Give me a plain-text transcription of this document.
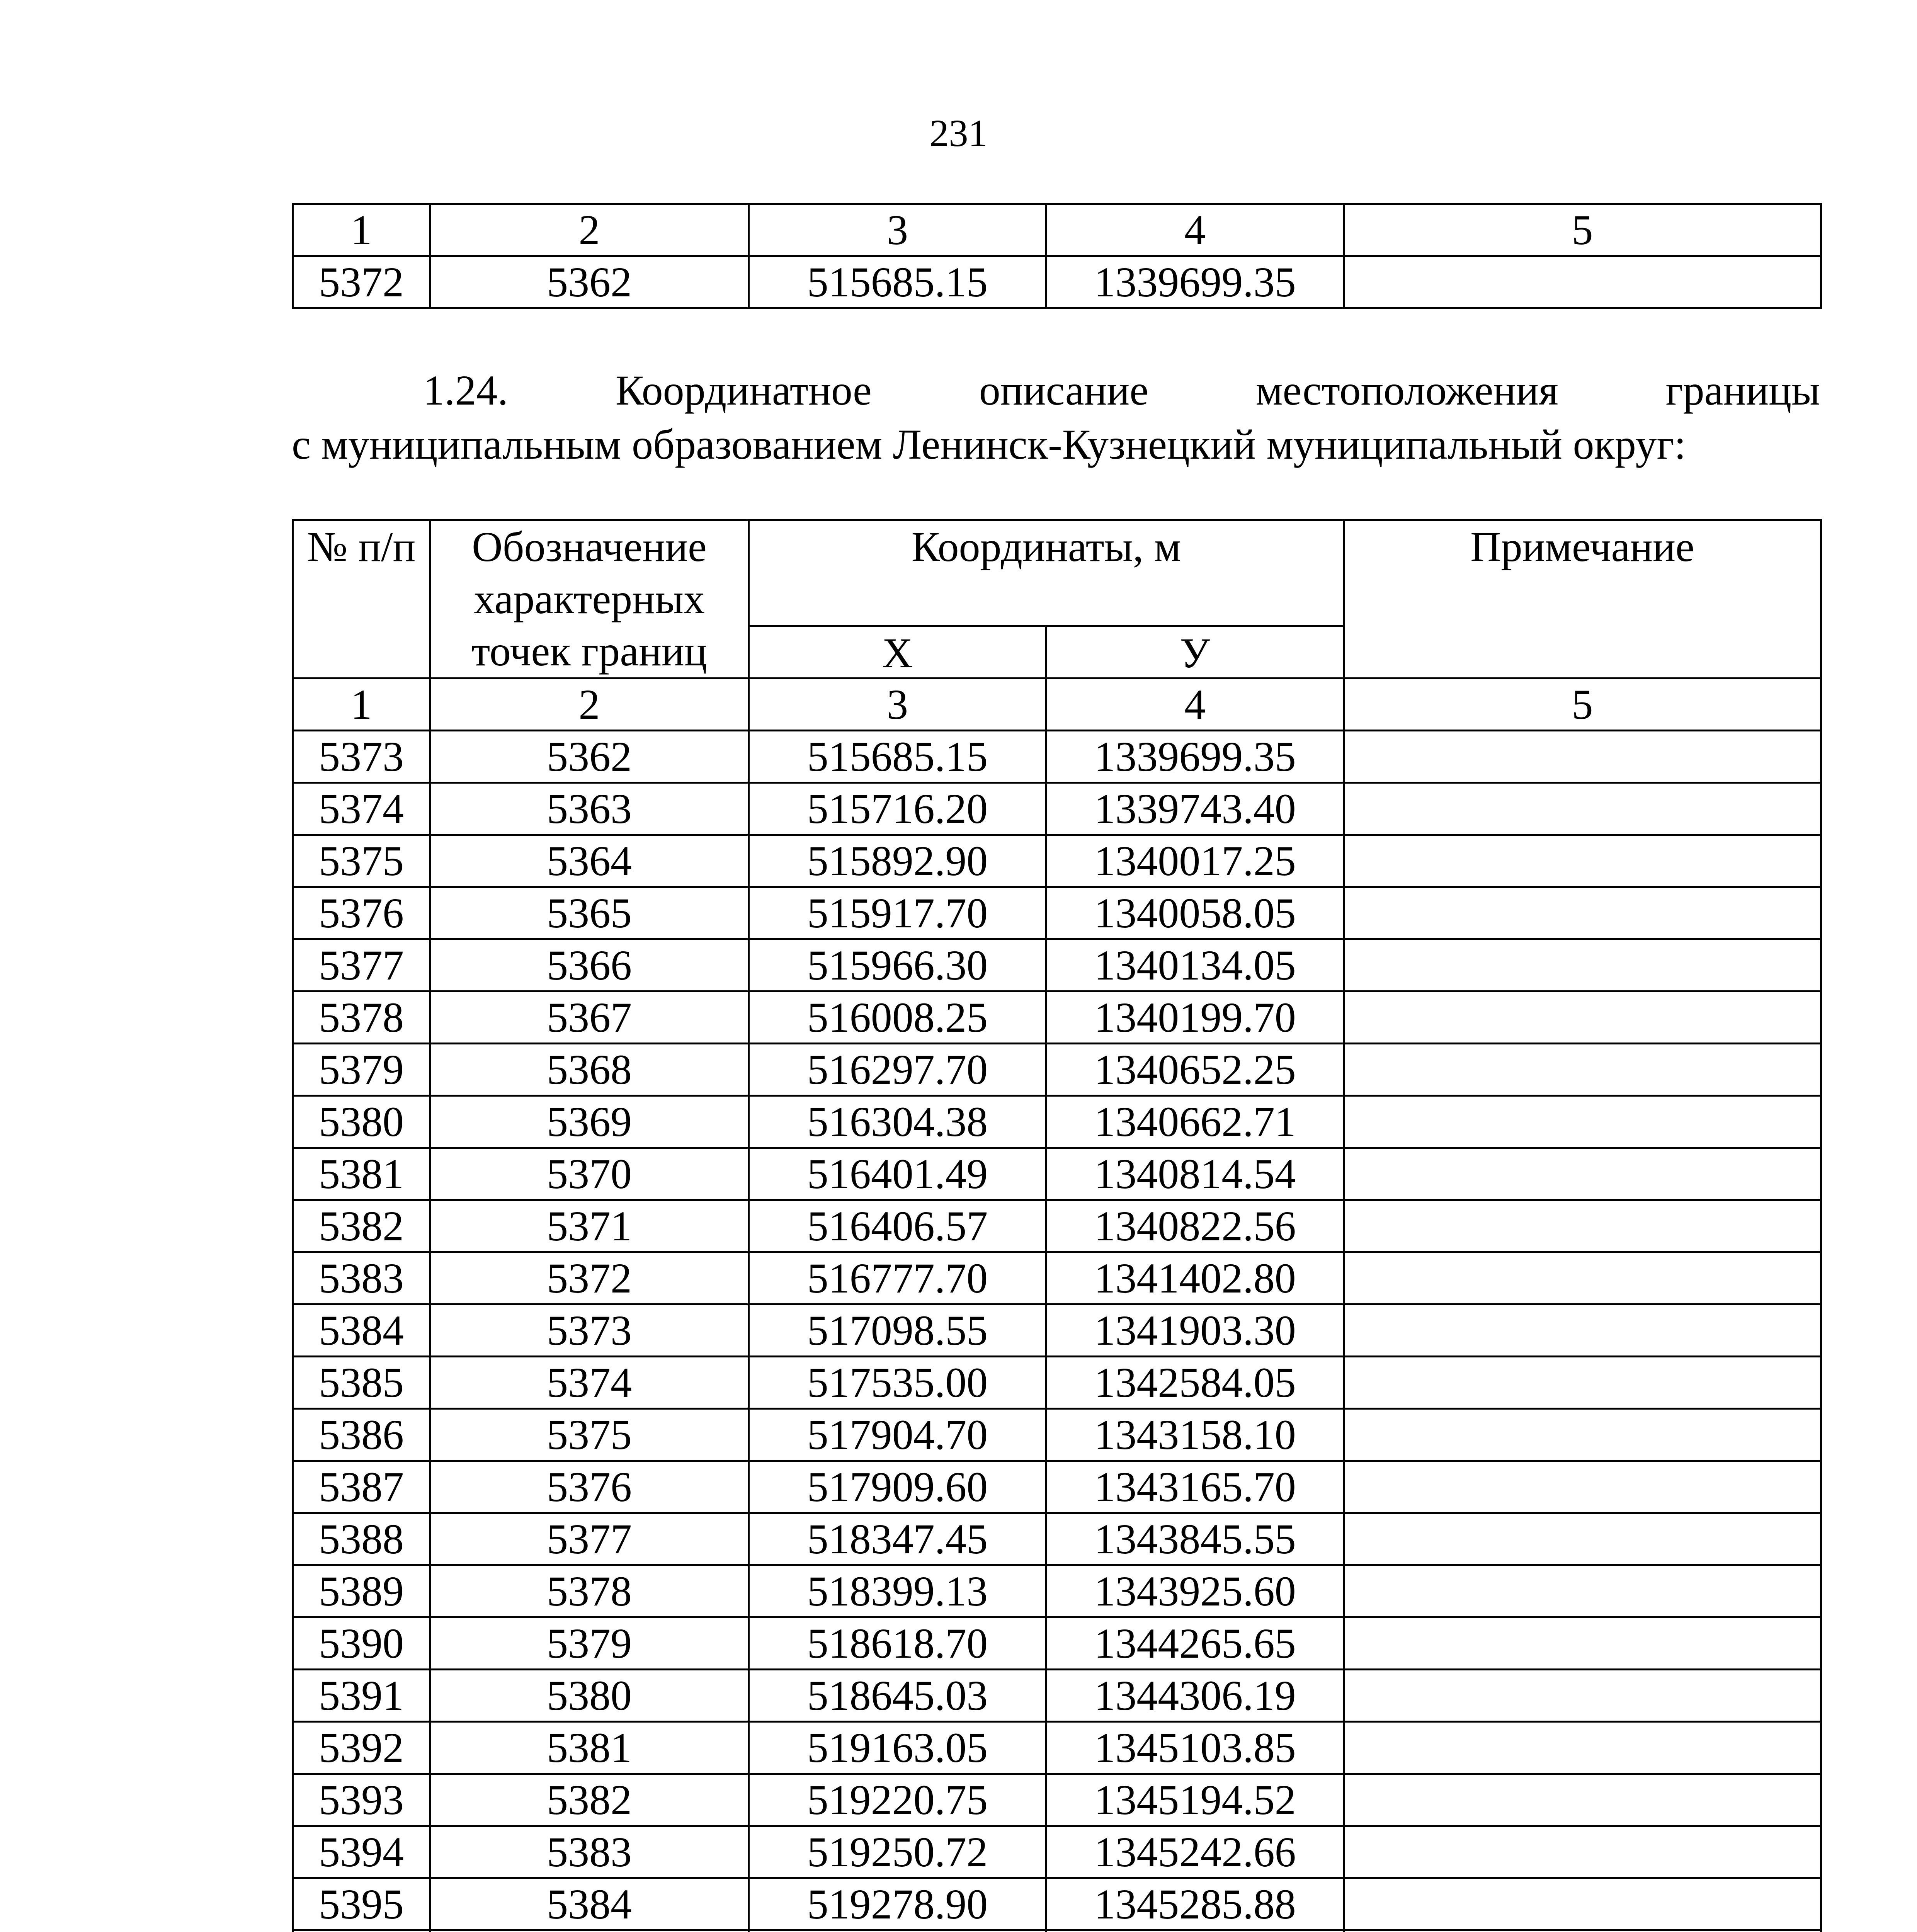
231
1	2	3	4	5
5372	5362	515685.15	1339699.35	
1.24.	Координатное	описание	местоположения	границы
с муниципальным образованием Ленинск-Кузнецкий муниципальный округ:
№ п/п	Обозначение характерных точек границ	Координаты, м		Примечание
		Х	У	
1	2	3	4	5
5373	5362	515685.15	1339699.35	
5374	5363	515716.20	1339743.40	
5375	5364	515892.90	1340017.25	
5376	5365	515917.70	1340058.05	
5377	5366	515966.30	1340134.05	
5378	5367	516008.25	1340199.70	
5379	5368	516297.70	1340652.25	
5380	5369	516304.38	1340662.71	
5381	5370	516401.49	1340814.54	
5382	5371	516406.57	1340822.56	
5383	5372	516777.70	1341402.80	
5384	5373	517098.55	1341903.30	
5385	5374	517535.00	1342584.05	
5386	5375	517904.70	1343158.10	
5387	5376	517909.60	1343165.70	
5388	5377	518347.45	1343845.55	
5389	5378	518399.13	1343925.60	
5390	5379	518618.70	1344265.65	
5391	5380	518645.03	1344306.19	
5392	5381	519163.05	1345103.85	
5393	5382	519220.75	1345194.52	
5394	5383	519250.72	1345242.66	
5395	5384	519278.90	1345285.88	
